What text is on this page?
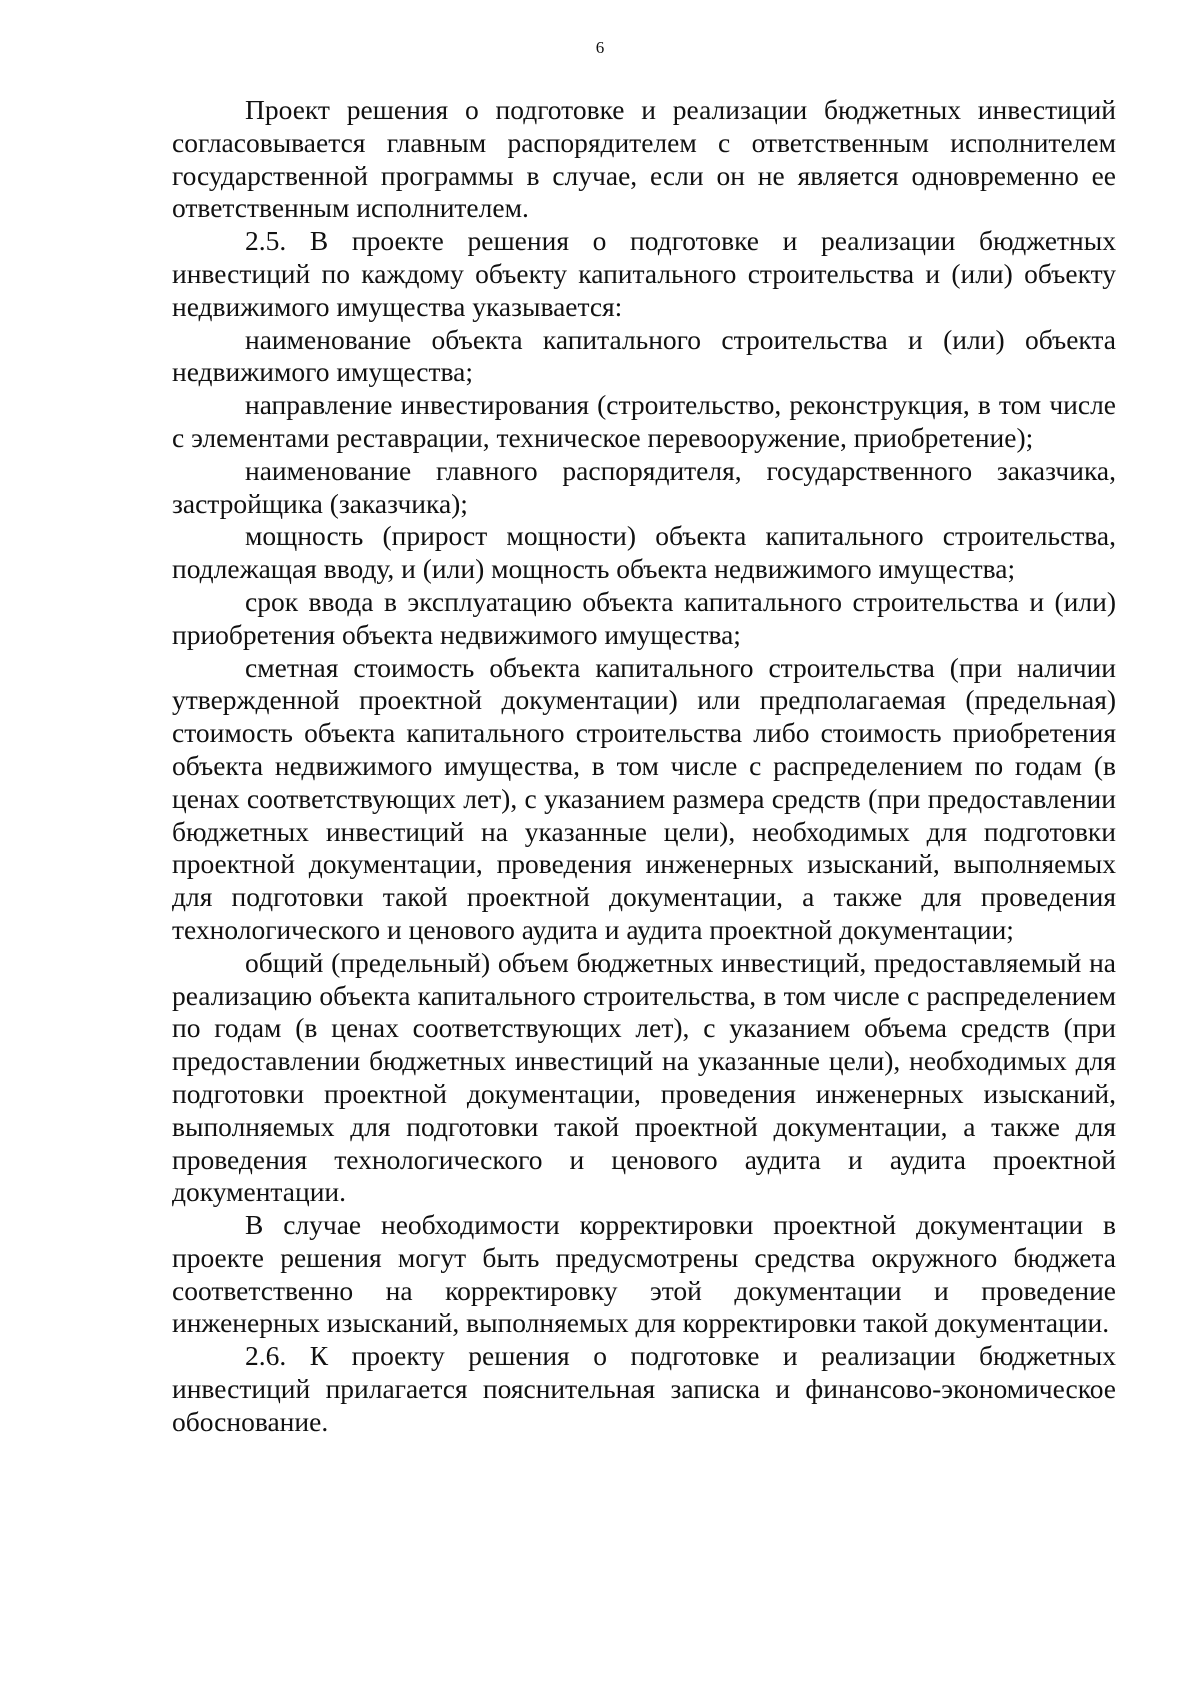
6

Проект решения о подготовке и реализации бюджетных инвестиций согласовывается главным распорядителем с ответственным исполнителем государственной программы в случае, если он не является одновременно ее ответственным исполнителем.

2.5. В проекте решения о подготовке и реализации бюджетных инвестиций по каждому объекту капитального строительства и (или) объекту недвижимого имущества указывается:

наименование объекта капитального строительства и (или) объекта недвижимого имущества;

направление инвестирования (строительство, реконструкция, в том числе с элементами реставрации, техническое перевооружение, приобретение);

наименование главного распорядителя, государственного заказчика, застройщика (заказчика);

мощность (прирост мощности) объекта капитального строительства, подлежащая вводу, и (или) мощность объекта недвижимого имущества;

срок ввода в эксплуатацию объекта капитального строительства и (или) приобретения объекта недвижимого имущества;

сметная стоимость объекта капитального строительства (при наличии утвержденной проектной документации) или предполагаемая (предельная) стоимость объекта капитального строительства либо стоимость приобретения объекта недвижимого имущества, в том числе с распределением по годам (в ценах соответствующих лет), с указанием размера средств (при предоставлении бюджетных инвестиций на указанные цели), необходимых для подготовки проектной документации, проведения инженерных изысканий, выполняемых для подготовки такой проектной документации, а также для проведения технологического и ценового аудита и аудита проектной документации;

общий (предельный) объем бюджетных инвестиций, предоставляемый на реализацию объекта капитального строительства, в том числе с распределением по годам (в ценах соответствующих лет), с указанием объема средств (при предоставлении бюджетных инвестиций на указанные цели), необходимых для подготовки проектной документации, проведения инженерных изысканий, выполняемых для подготовки такой проектной документации, а также для проведения технологического и ценового аудита и аудита проектной документации.

В случае необходимости корректировки проектной документации в проекте решения могут быть предусмотрены средства окружного бюджета соответственно на корректировку этой документации и проведение инженерных изысканий, выполняемых для корректировки такой документации.

2.6. К проекту решения о подготовке и реализации бюджетных инвестиций прилагается пояснительная записка и финансово-экономическое обоснование.
